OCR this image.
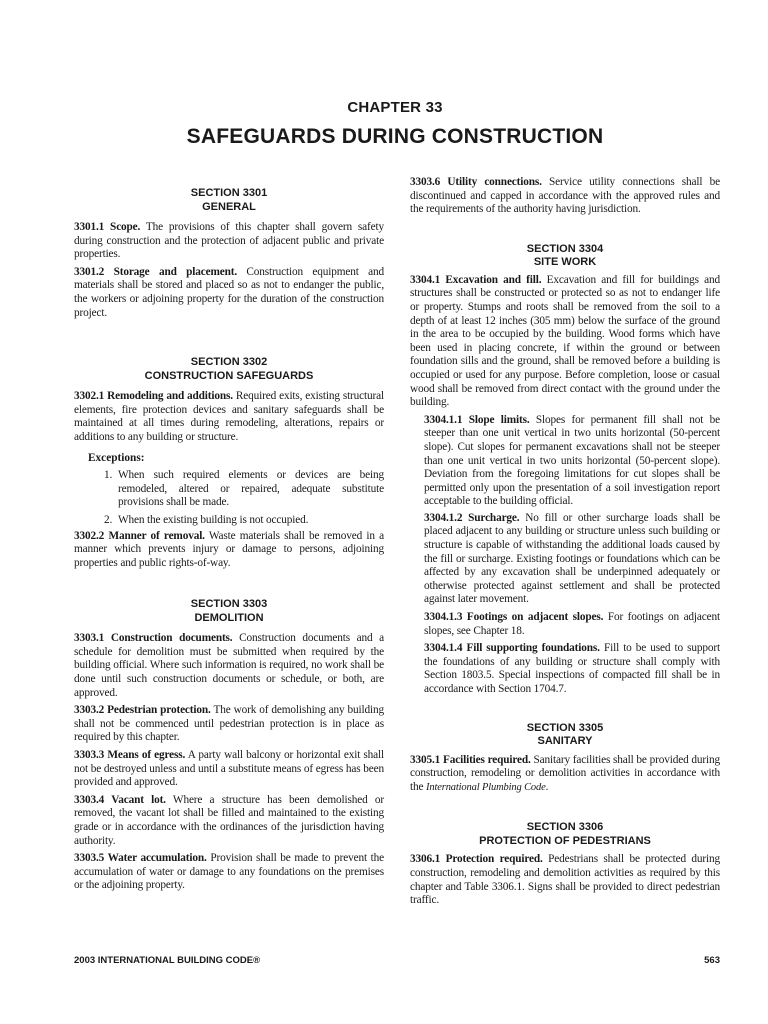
CHAPTER 33
SAFEGUARDS DURING CONSTRUCTION
SECTION 3301
GENERAL

3301.1 Scope. The provisions of this chapter shall govern safety during construction and the protection of adjacent public and private properties.

3301.2 Storage and placement. Construction equipment and materials shall be stored and placed so as not to endanger the public, the workers or adjoining property for the duration of the construction project.

SECTION 3302
CONSTRUCTION SAFEGUARDS

3302.1 Remodeling and additions. Required exits, existing structural elements, fire protection devices and sanitary safeguards shall be maintained at all times during remodeling, alterations, repairs or additions to any building or structure.

Exceptions:
1. When such required elements or devices are being remodeled, altered or repaired, adequate substitute provisions shall be made.
2. When the existing building is not occupied.

3302.2 Manner of removal. Waste materials shall be removed in a manner which prevents injury or damage to persons, adjoining properties and public rights-of-way.

SECTION 3303
DEMOLITION

3303.1 Construction documents. Construction documents and a schedule for demolition must be submitted when required by the building official. Where such information is required, no work shall be done until such construction documents or schedule, or both, are approved.

3303.2 Pedestrian protection. The work of demolishing any building shall not be commenced until pedestrian protection is in place as required by this chapter.

3303.3 Means of egress. A party wall balcony or horizontal exit shall not be destroyed unless and until a substitute means of egress has been provided and approved.

3303.4 Vacant lot. Where a structure has been demolished or removed, the vacant lot shall be filled and maintained to the existing grade or in accordance with the ordinances of the jurisdiction having authority.

3303.5 Water accumulation. Provision shall be made to prevent the accumulation of water or damage to any foundations on the premises or the adjoining property.

3303.6 Utility connections. Service utility connections shall be discontinued and capped in accordance with the approved rules and the requirements of the authority having jurisdiction.

SECTION 3304
SITE WORK

3304.1 Excavation and fill. Excavation and fill for buildings and structures shall be constructed or protected so as not to endanger life or property. Stumps and roots shall be removed from the soil to a depth of at least 12 inches (305 mm) below the surface of the ground in the area to be occupied by the building. Wood forms which have been used in placing concrete, if within the ground or between foundation sills and the ground, shall be removed before a building is occupied or used for any purpose. Before completion, loose or casual wood shall be removed from direct contact with the ground under the building.

3304.1.1 Slope limits. Slopes for permanent fill shall not be steeper than one unit vertical in two units horizontal (50-percent slope). Cut slopes for permanent excavations shall not be steeper than one unit vertical in two units horizontal (50-percent slope). Deviation from the foregoing limitations for cut slopes shall be permitted only upon the presentation of a soil investigation report acceptable to the building official.

3304.1.2 Surcharge. No fill or other surcharge loads shall be placed adjacent to any building or structure unless such building or structure is capable of withstanding the additional loads caused by the fill or surcharge. Existing footings or foundations which can be affected by any excavation shall be underpinned adequately or otherwise protected against settlement and shall be protected against later movement.

3304.1.3 Footings on adjacent slopes. For footings on adjacent slopes, see Chapter 18.

3304.1.4 Fill supporting foundations. Fill to be used to support the foundations of any building or structure shall comply with Section 1803.5. Special inspections of compacted fill shall be in accordance with Section 1704.7.

SECTION 3305
SANITARY

3305.1 Facilities required. Sanitary facilities shall be provided during construction, remodeling or demolition activities in accordance with the International Plumbing Code.

SECTION 3306
PROTECTION OF PEDESTRIANS

3306.1 Protection required. Pedestrians shall be protected during construction, remodeling and demolition activities as required by this chapter and Table 3306.1. Signs shall be provided to direct pedestrian traffic.

2003 INTERNATIONAL BUILDING CODE®	563
